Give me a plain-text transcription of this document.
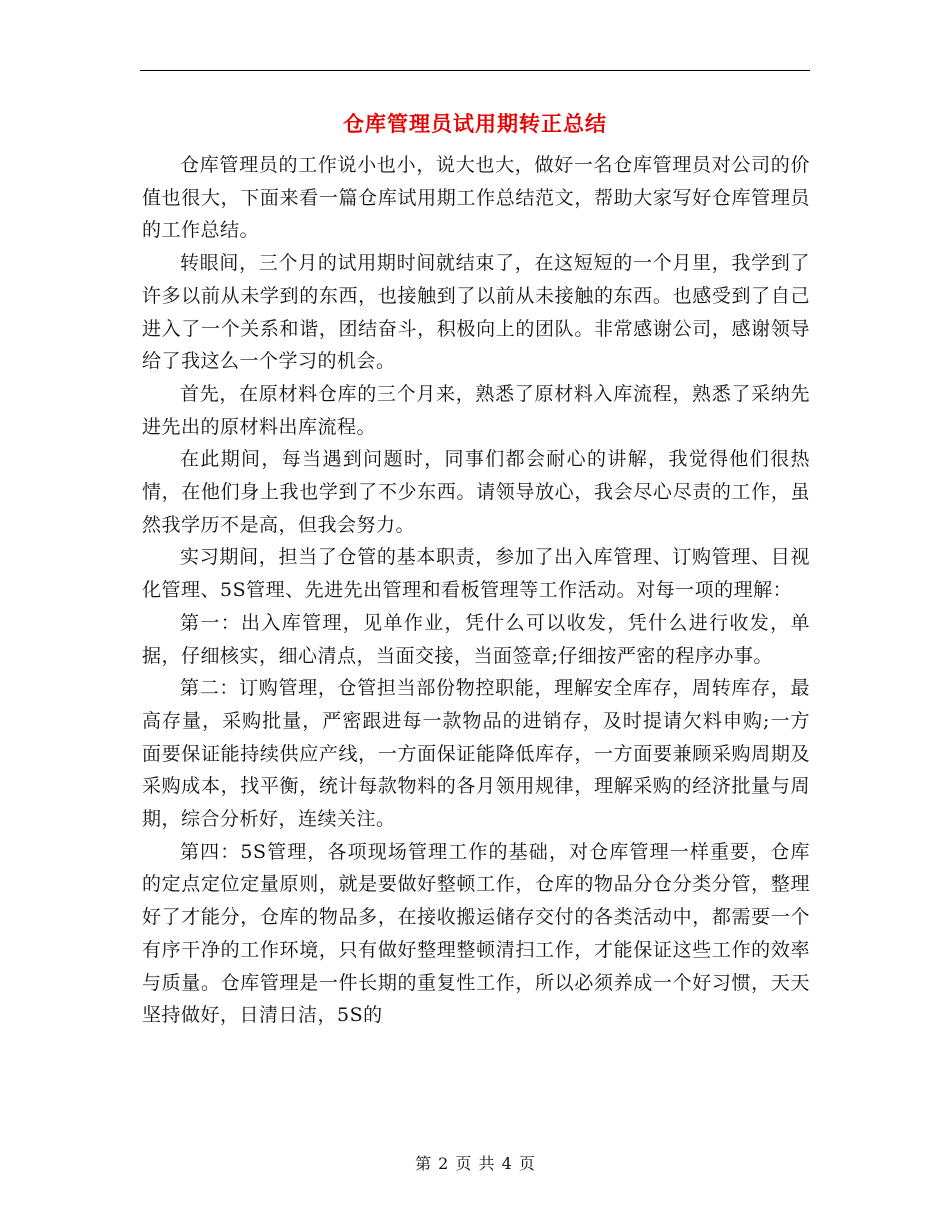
仓库管理员试用期转正总结

仓库管理员的工作说小也小，说大也大，做好一名仓库管理员对公司的价值也很大，下面来看一篇仓库试用期工作总结范文，帮助大家写好仓库管理员的工作总结。

转眼间，三个月的试用期时间就结束了，在这短短的一个月里，我学到了许多以前从未学到的东西，也接触到了以前从未接触的东西。也感受到了自己进入了一个关系和谐，团结奋斗，积极向上的团队。非常感谢公司，感谢领导给了我这么一个学习的机会。

首先，在原材料仓库的三个月来，熟悉了原材料入库流程，熟悉了采纳先进先出的原材料出库流程。

在此期间，每当遇到问题时，同事们都会耐心的讲解，我觉得他们很热情，在他们身上我也学到了不少东西。请领导放心，我会尽心尽责的工作，虽然我学历不是高，但我会努力。

实习期间，担当了仓管的基本职责，参加了出入库管理、订购管理、目视化管理、5S管理、先进先出管理和看板管理等工作活动。对每一项的理解：

第一：出入库管理，见单作业，凭什么可以收发，凭什么进行收发，单据，仔细核实，细心清点，当面交接，当面签章;仔细按严密的程序办事。

第二：订购管理，仓管担当部份物控职能，理解安全库存，周转库存，最高存量，采购批量，严密跟进每一款物品的进销存，及时提请欠料申购;一方面要保证能持续供应产线，一方面保证能降低库存，一方面要兼顾采购周期及采购成本，找平衡，统计每款物料的各月领用规律，理解采购的经济批量与周期，综合分析好，连续关注。

第四：5S管理，各项现场管理工作的基础，对仓库管理一样重要，仓库的定点定位定量原则，就是要做好整顿工作，仓库的物品分仓分类分管，整理好了才能分，仓库的物品多，在接收搬运储存交付的各类活动中，都需要一个有序干净的工作环境，只有做好整理整顿清扫工作，才能保证这些工作的效率与质量。仓库管理是一件长期的重复性工作，所以必须养成一个好习惯，天天坚持做好，日清日洁，5S的

第 2 页 共 4 页
